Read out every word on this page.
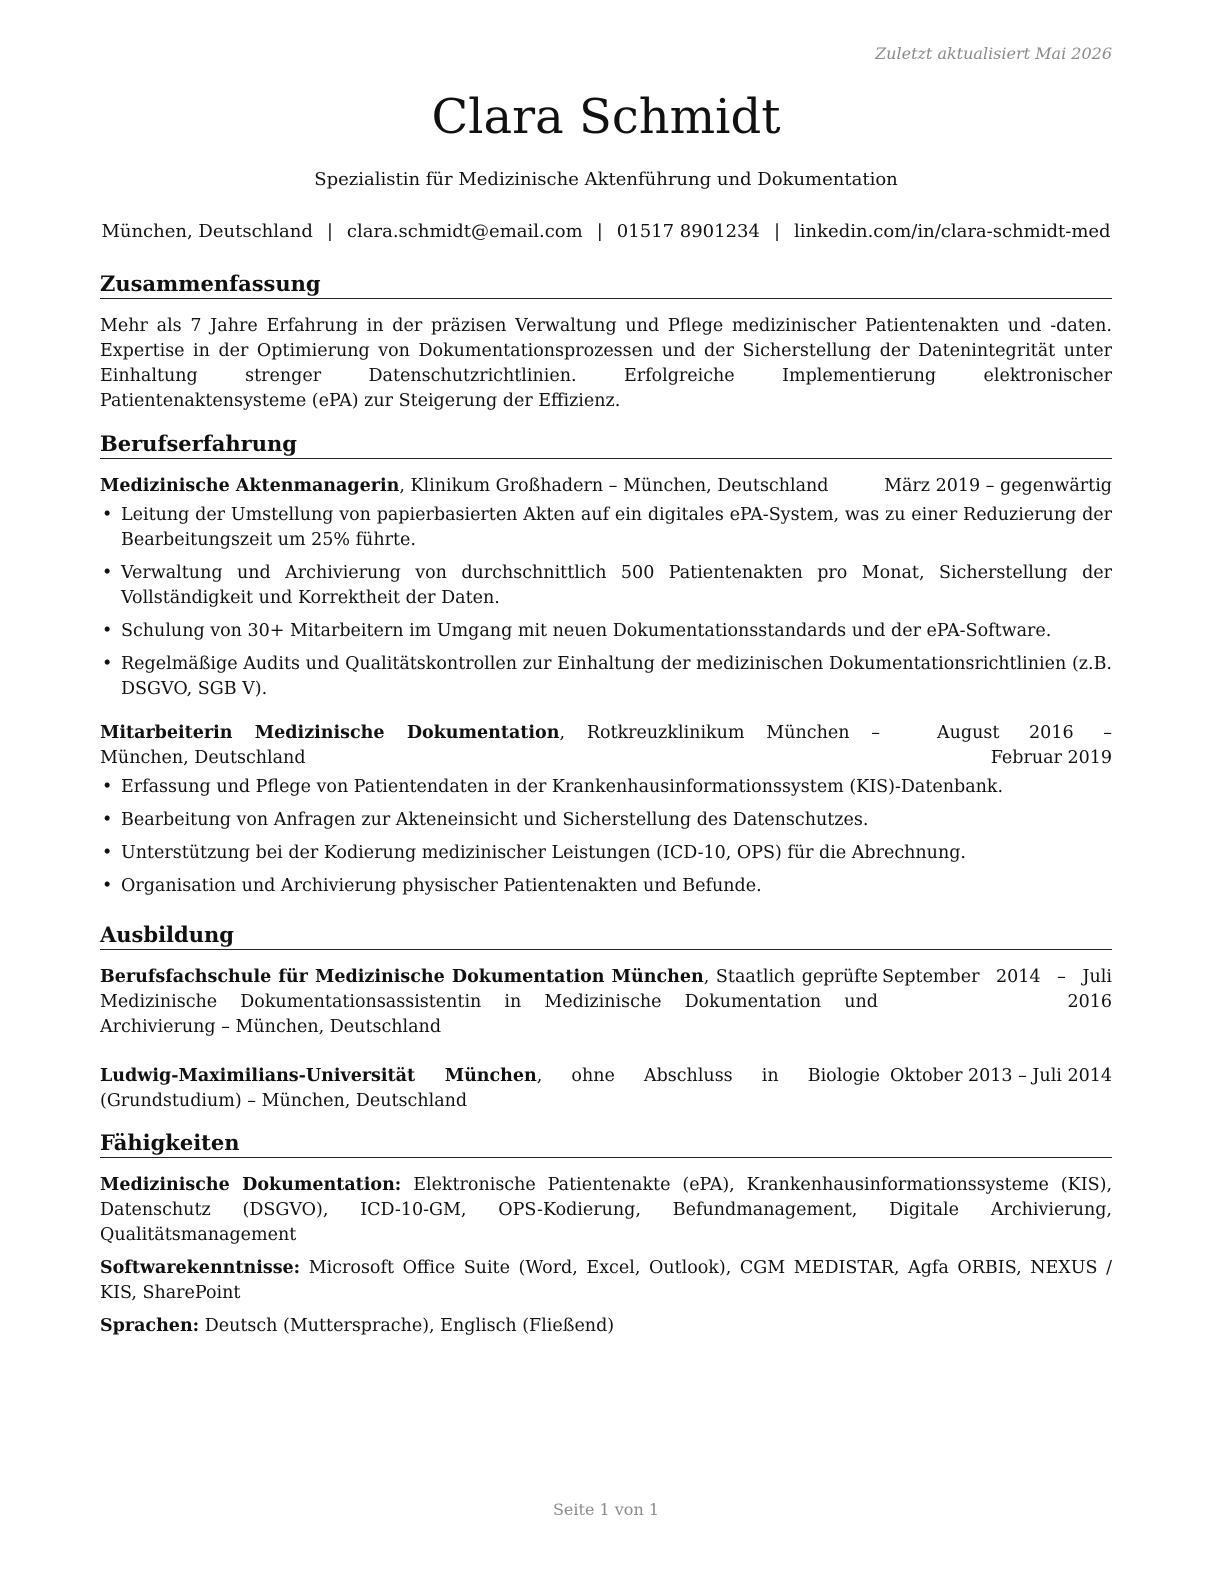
Zuletzt aktualisiert Mai 2026
Clara Schmidt
Spezialistin für Medizinische Aktenführung und Dokumentation
München, Deutschland | clara.schmidt@email.com | 01517 8901234 | linkedin.com/in/clara-schmidt-med
Zusammenfassung
Mehr als 7 Jahre Erfahrung in der präzisen Verwaltung und Pflege medizinischer Patientenakten und -daten. Expertise in der Optimierung von Dokumentationsprozessen und der Sicherstellung der Datenintegrität unter Einhaltung strenger Datenschutzrichtlinien. Erfolgreiche Implementierung elektronischer Patientenaktensysteme (ePA) zur Steigerung der Effizienz.
Berufserfahrung
Medizinische Aktenmanagerin, Klinikum Großhadern – München, Deutschland	März 2019 – gegenwärtig
• Leitung der Umstellung von papierbasierten Akten auf ein digitales ePA-System, was zu einer Reduzierung der Bearbeitungszeit um 25% führte.
• Verwaltung und Archivierung von durchschnittlich 500 Patientenakten pro Monat, Sicherstellung der Vollständigkeit und Korrektheit der Daten.
• Schulung von 30+ Mitarbeitern im Umgang mit neuen Dokumentationsstandards und der ePA-Software.
• Regelmäßige Audits und Qualitätskontrollen zur Einhaltung der medizinischen Dokumentationsrichtlinien (z.B. DSGVO, SGB V).
Mitarbeiterin Medizinische Dokumentation, Rotkreuzklinikum München – München, Deutschland
August 2016 – Februar 2019
• Erfassung und Pflege von Patientendaten in der Krankenhausinformationssystem (KIS)-Datenbank.
• Bearbeitung von Anfragen zur Akteneinsicht und Sicherstellung des Datenschutzes.
• Unterstützung bei der Kodierung medizinischer Leistungen (ICD-10, OPS) für die Abrechnung.
• Organisation und Archivierung physischer Patientenakten und Befunde.
Ausbildung
Berufsfachschule für Medizinische Dokumentation München, Staatlich geprüfte Medizinische Dokumentationsassistentin in Medizinische Dokumentation und Archivierung – München, Deutschland
September 2014 – Juli 2016
Ludwig-Maximilians-Universität München, ohne Abschluss in Biologie (Grundstudium) – München, Deutschland
Oktober 2013 – Juli 2014
Fähigkeiten
Medizinische Dokumentation: Elektronische Patientenakte (ePA), Krankenhausinformationssysteme (KIS), Datenschutz (DSGVO), ICD-10-GM, OPS-Kodierung, Befundmanagement, Digitale Archivierung, Qualitätsmanagement
Softwarekenntnisse: Microsoft Office Suite (Word, Excel, Outlook), CGM MEDISTAR, Agfa ORBIS, NEXUS / KIS, SharePoint
Sprachen: Deutsch (Muttersprache), Englisch (Fließend)
Seite 1 von 1
